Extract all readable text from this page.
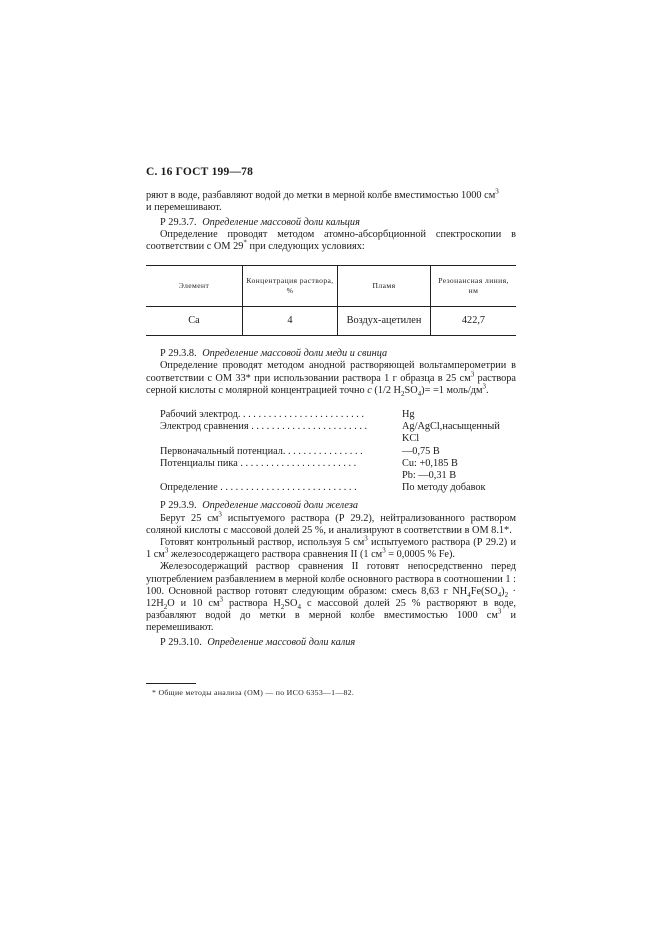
С. 16 ГОСТ 199—78

ряют в воде, разбавляют водой до метки в мерной колбе вместимостью 1000 $см^3$
и перемешивают.

Р 29.3.7. Определение массовой доли кальция

Определение проводят методом атомно-абсорбционной спектроскопии в соответствии с ОМ 29* при следующих условиях:

Элемент	Концентрация раствора, %	Пламя	Резонансная линия, нм
Ca	4	Воздух-ацетилен	422,7

Р 29.3.8. Определение массовой доли меди и свинца

Определение проводят методом анодной растворяющей вольтамперометрии в соответствии с ОМ 33* при использовании раствора 1 г образца в 25 $см^3$ раствора серной кислоты с молярной концентрацией точно c (1/2 $H_2SO_4)= =1$ моль/$дм^3$.

Рабочий электрод. . . . . . . . . . . . . . . . . . . . . . . . .	Hg
Электрод сравнения . . . . . . . . . . . . . . . . . . . . . . .	Ag/AgCl,насыщенный
KCl
Первоначальный потенциал. . . . . . . . . . . . . . . .	—0,75 В
Потенциалы пика . . . . . . . . . . . . . . . . . . . . . . .	Cu: +0,185 В
Pb: —0,31 В
Определение . . . . . . . . . . . . . . . . . . . . . . . . . . .	По методу добавок

Р 29.3.9. Определение массовой доли железа

Берут 25 $см^3$ испытуемого раствора (Р 29.2), нейтрализованного раствором соляной кислоты с массовой долей 25 %, и анализируют в соответствии в ОМ 8.1*.

Готовят контрольный раствор, используя 5 $см^3$ испытуемого раствора (Р 29.2) и 1 $см^3$ железосодержащего раствора сравнения II (1 $см^3 = 0,0005$ % Fe).

Железосодержащий раствор сравнения II готовят непосредственно перед употреблением разбавлением в мерной колбе основного раствора в соотношении 1 : 100. Основной раствор готовят следующим образом: смесь 8,63 г $NH_4Fe(SO_4)_2 \cdot 12H_2O$ и 10 $см^3$ раствора $H_2SO_4$ с массовой долей 25 % растворяют в воде, разбавляют водой до метки в мерной колбе вместимостью 1000 $см^3$ и перемешивают.

Р 29.3.10. Определение массовой доли калия

* Общие методы анализа (ОМ) — по ИСО 6353—1—82.
